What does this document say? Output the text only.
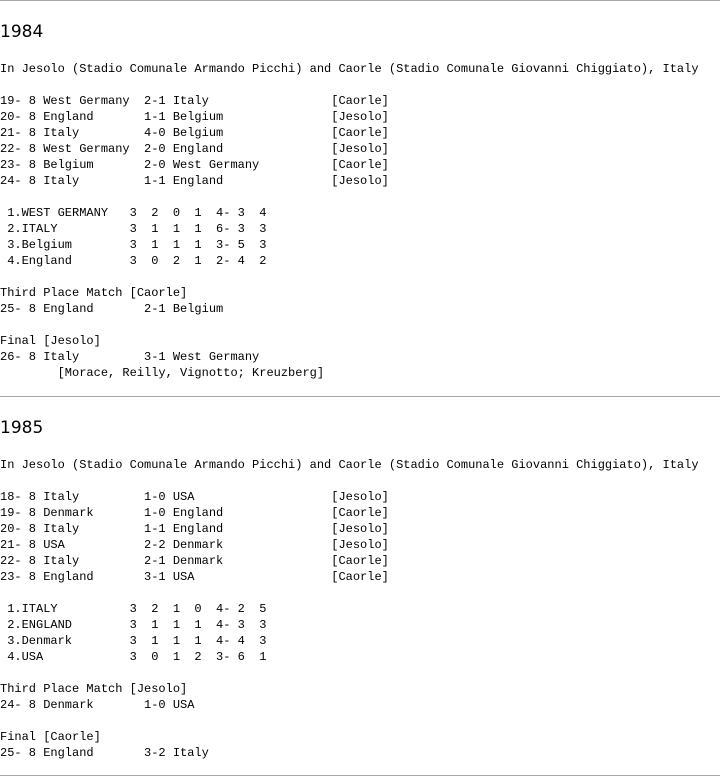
1984
In Jesolo (Stadio Comunale Armando Picchi) and Caorle (Stadio Comunale Giovanni Chiggiato), Italy
19- 8 West Germany  2-1 Italy                 [Caorle]
20- 8 England       1-1 Belgium               [Jesolo]
21- 8 Italy         4-0 Belgium               [Caorle]
22- 8 West Germany  2-0 England               [Jesolo]
23- 8 Belgium       2-0 West Germany          [Caorle]
24- 8 Italy         1-1 England               [Jesolo]
1.WEST GERMANY   3  2  0  1  4- 3  4
2.ITALY          3  1  1  1  6- 3  3
3.Belgium        3  1  1  1  3- 5  3
4.England        3  0  2  1  2- 4  2
Third Place Match [Caorle]
25- 8 England       2-1 Belgium
Final [Jesolo]
26- 8 Italy         3-1 West Germany
[Morace, Reilly, Vignotto; Kreuzberg]
1985
In Jesolo (Stadio Comunale Armando Picchi) and Caorle (Stadio Comunale Giovanni Chiggiato), Italy
18- 8 Italy         1-0 USA                   [Jesolo]
19- 8 Denmark       1-0 England               [Caorle]
20- 8 Italy         1-1 England               [Jesolo]
21- 8 USA           2-2 Denmark               [Jesolo]
22- 8 Italy         2-1 Denmark               [Caorle]
23- 8 England       3-1 USA                   [Caorle]
1.ITALY          3  2  1  0  4- 2  5
2.ENGLAND        3  1  1  1  4- 3  3
3.Denmark        3  1  1  1  4- 4  3
4.USA            3  0  1  2  3- 6  1
Third Place Match [Jesolo]
24- 8 Denmark       1-0 USA
Final [Caorle]
25- 8 England       3-2 Italy
